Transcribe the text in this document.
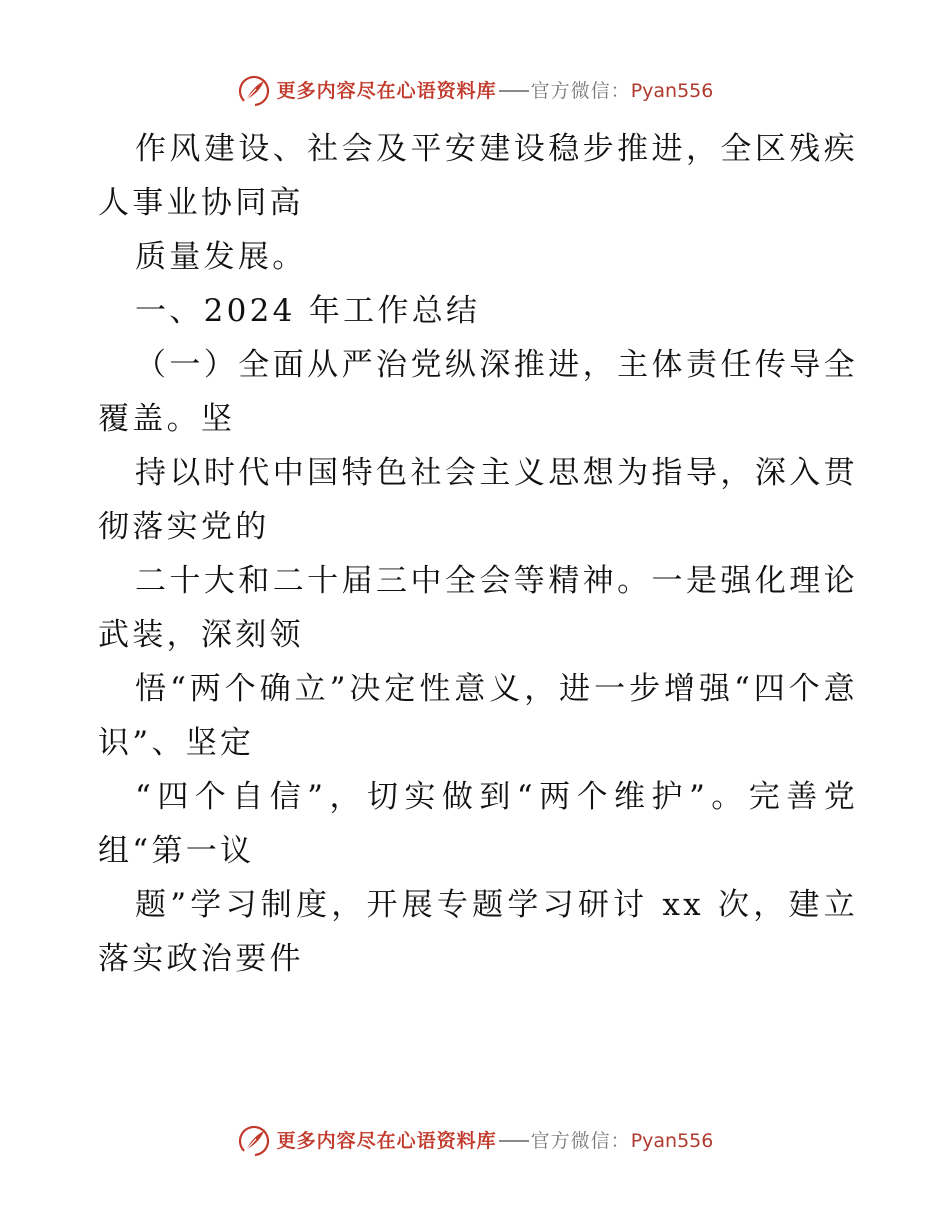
更多内容尽在心语资料库 官方微信： Pyan556

作风建设、社会及平安建设稳步推进，全区残疾人事业协同高

质量发展。

一、2024 年工作总结

（一）全面从严治党纵深推进，主体责任传导全覆盖。坚

持以时代中国特色社会主义思想为指导，深入贯彻落实党的

二十大和二十届三中全会等精神。一是强化理论武装，深刻领

悟“两个确立”决定性意义，进一步增强“四个意识”、坚定

“四个自信”，切实做到“两个维护”。完善党组“第一议

题”学习制度，开展专题学习研讨 xx 次，建立落实政治要件

更多内容尽在心语资料库 官方微信： Pyan556
